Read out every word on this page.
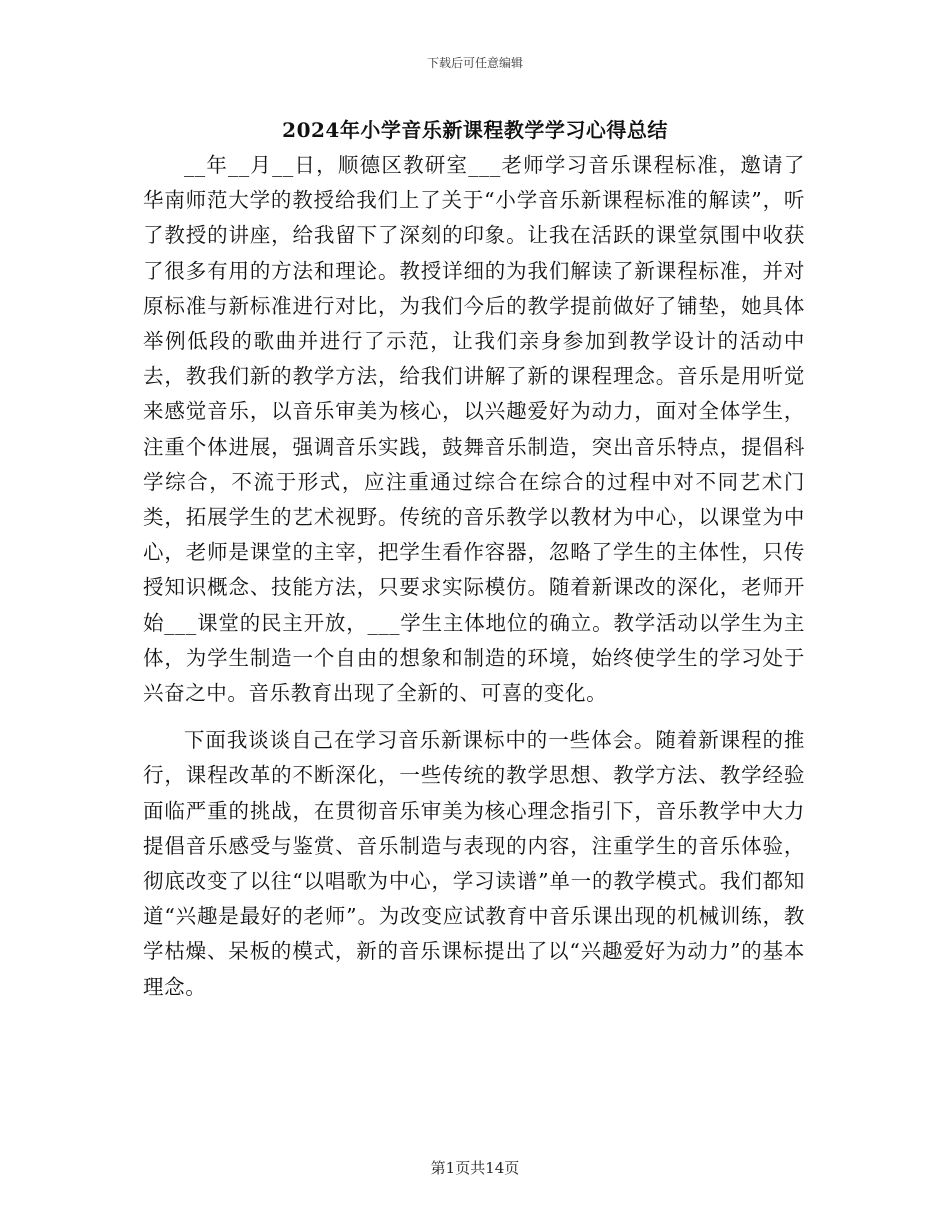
下载后可任意编辑
2024年小学音乐新课程教学学习心得总结

__年__月__日，顺德区教研室___老师学习音乐课程标准，邀请了华南师范大学的教授给我们上了关于“小学音乐新课程标准的解读”，听了教授的讲座，给我留下了深刻的印象。让我在活跃的课堂氛围中收获了很多有用的方法和理论。教授详细的为我们解读了新课程标准，并对原标准与新标准进行对比，为我们今后的教学提前做好了铺垫，她具体举例低段的歌曲并进行了示范，让我们亲身参加到教学设计的活动中去，教我们新的教学方法，给我们讲解了新的课程理念。音乐是用听觉来感觉音乐，以音乐审美为核心，以兴趣爱好为动力，面对全体学生，注重个体进展，强调音乐实践，鼓舞音乐制造，突出音乐特点，提倡科学综合，不流于形式，应注重通过综合在综合的过程中对不同艺术门类，拓展学生的艺术视野。传统的音乐教学以教材为中心，以课堂为中心，老师是课堂的主宰，把学生看作容器，忽略了学生的主体性，只传授知识概念、技能方法，只要求实际模仿。随着新课改的深化，老师开始___课堂的民主开放，___学生主体地位的确立。教学活动以学生为主体，为学生制造一个自由的想象和制造的环境，始终使学生的学习处于兴奋之中。音乐教育出现了全新的、可喜的变化。

下面我谈谈自己在学习音乐新课标中的一些体会。随着新课程的推行，课程改革的不断深化，一些传统的教学思想、教学方法、教学经验面临严重的挑战，在贯彻音乐审美为核心理念指引下，音乐教学中大力提倡音乐感受与鉴赏、音乐制造与表现的内容，注重学生的音乐体验，彻底改变了以往“以唱歌为中心，学习读谱”单一的教学模式。我们都知道“兴趣是最好的老师”。为改变应试教育中音乐课出现的机械训练，教学枯燥、呆板的模式，新的音乐课标提出了以“兴趣爱好为动力”的基本理念。

第1页共14页
